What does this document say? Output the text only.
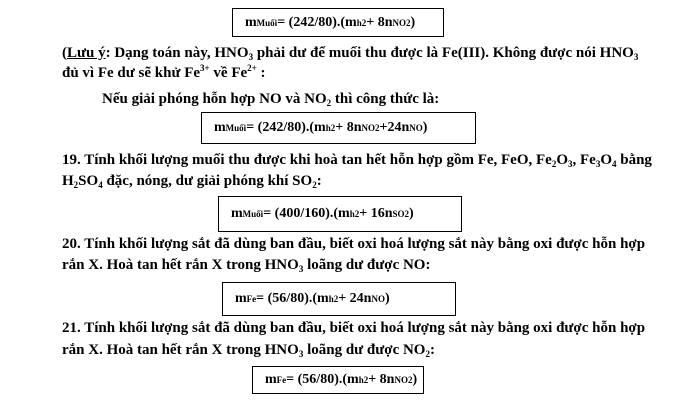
m Muối = (242/80).(m h 2 + 8n NO2 )
(Lưu ý: Dạng toán này, $HNO_3$ phải dư để muối thu được là Fe(III). Không được nói $HNO_3$
đủ vì Fe dư sẽ khử $Fe^{3+}$ về $Fe^{2+}$ :
Nếu giải phóng hỗn hợp NO và $NO_2$ thì công thức là:
m Muối = (242/80).(m h 2 + 8n NO2 +24n NO )
19. Tính khối lượng muối thu được khi hoà tan hết hỗn hợp gồm Fe, FeO, $Fe_2O_3$, $Fe_3O_4$ bằng
$H_2SO_4$ đặc, nóng, dư giải phóng khí $SO_2$:
m Muối = (400/160).(m h 2 + 16n SO2 )
20. Tính khối lượng sắt đã dùng ban đầu, biết oxi hoá lượng sắt này bằng oxi được hỗn hợp
rắn X. Hoà tan hết rắn X trong $HNO_3$ loãng dư được NO:
m Fe = (56/80).(m h 2 + 24n NO )
21. Tính khối lượng sắt đã dùng ban đầu, biết oxi hoá lượng sắt này bằng oxi được hỗn hợp
rắn X. Hoà tan hết rắn X trong $HNO_3$ loãng dư được $NO_2$:
m Fe = (56/80).(m h 2 + 8n NO2 )
